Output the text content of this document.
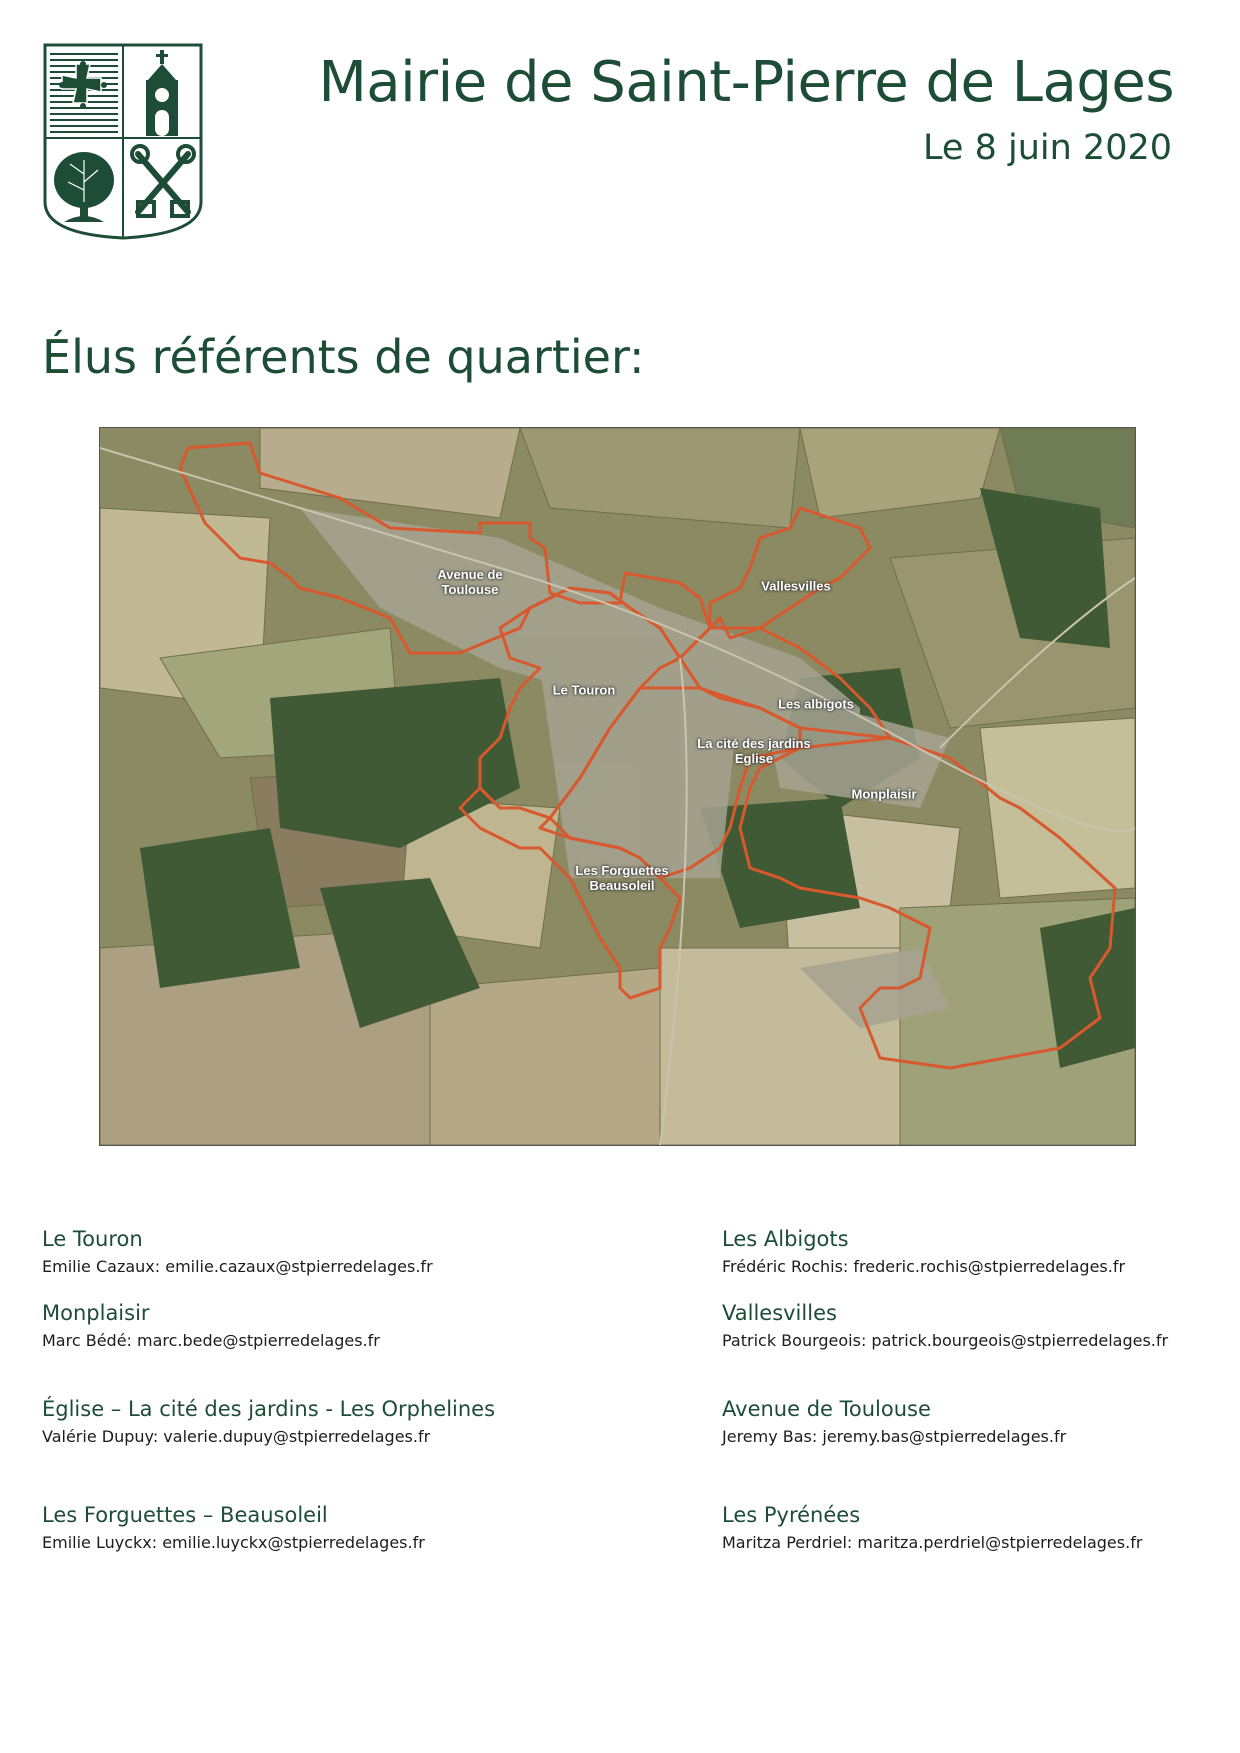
Mairie de Saint-Pierre de Lages
Le 8 juin 2020
Élus référents de quartier:
Avenue de
Toulouse	Vallesvilles
Le Touron
Les albigots
La cité des jardins
Eglise
Monplaisir
Les Forguettes
Beausoleil
Le Touron
Emilie Cazaux: emilie.cazaux@stpierredelages.fr
Les Albigots
Frédéric Rochis: frederic.rochis@stpierredelages.fr
Monplaisir
Marc Bédé: marc.bede@stpierredelages.fr
Vallesvilles
Patrick Bourgeois: patrick.bourgeois@stpierredelages.fr
Église – La cité des jardins - Les Orphelines
Valérie Dupuy: valerie.dupuy@stpierredelages.fr
Avenue de Toulouse
Jeremy Bas: jeremy.bas@stpierredelages.fr
Les Forguettes – Beausoleil
Emilie Luyckx: emilie.luyckx@stpierredelages.fr
Les Pyrénées
Maritza Perdriel: maritza.perdriel@stpierredelages.fr
